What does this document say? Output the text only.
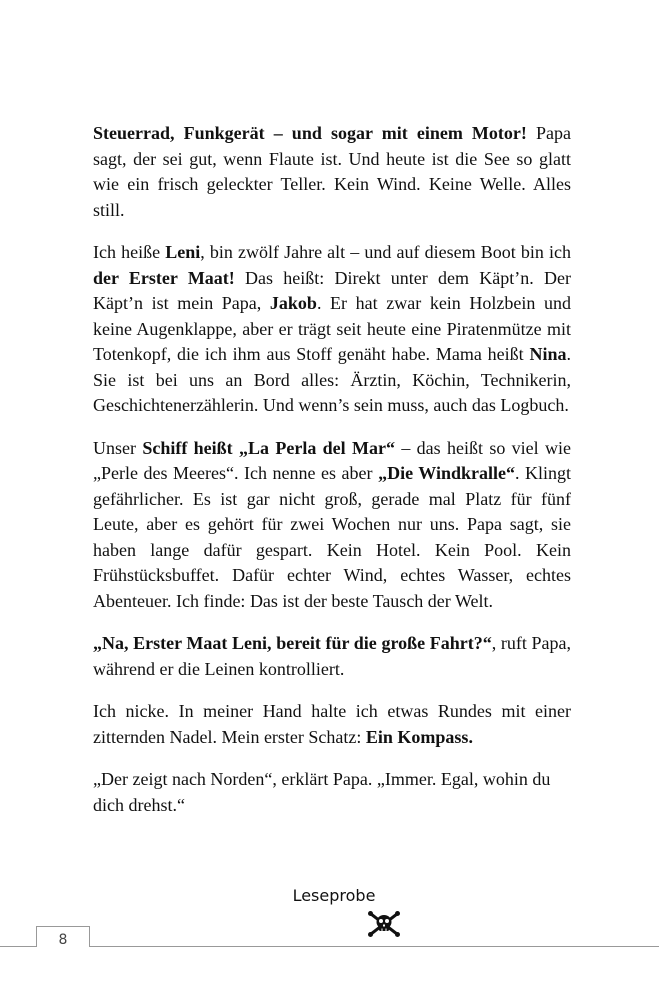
Steuerrad, Funkgerät – und sogar mit einem Motor! Papa sagt, der sei gut, wenn Flaute ist. Und heute ist die See so glatt wie ein frisch geleckter Teller. Kein Wind. Keine Welle. Alles still.

Ich heiße Leni, bin zwölf Jahre alt – und auf diesem Boot bin ich der Erster Maat! Das heißt: Direkt unter dem Käpt’n. Der Käpt’n ist mein Papa, Jakob. Er hat zwar kein Holzbein und keine Augenklappe, aber er trägt seit heute eine Piratenmütze mit Totenkopf, die ich ihm aus Stoff genäht habe. Mama heißt Nina. Sie ist bei uns an Bord alles: Ärztin, Köchin, Technikerin, Geschichtenerzählerin. Und wenn’s sein muss, auch das Logbuch.

Unser Schiff heißt „La Perla del Mar“ – das heißt so viel wie „Perle des Meeres“. Ich nenne es aber „Die Windkralle“. Klingt gefährlicher. Es ist gar nicht groß, gerade mal Platz für fünf Leute, aber es gehört für zwei Wochen nur uns. Papa sagt, sie haben lange dafür gespart. Kein Hotel. Kein Pool. Kein Frühstücksbuffet. Dafür echter Wind, echtes Wasser, echtes Abenteuer. Ich finde: Das ist der beste Tausch der Welt.

„Na, Erster Maat Leni, bereit für die große Fahrt?“, ruft Papa, während er die Leinen kontrolliert.

Ich nicke. In meiner Hand halte ich etwas Rundes mit einer zitternden Nadel. Mein erster Schatz: Ein Kompass.

„Der zeigt nach Norden“, erklärt Papa. „Immer. Egal, wohin du dich drehst.“

Leseprobe
8
